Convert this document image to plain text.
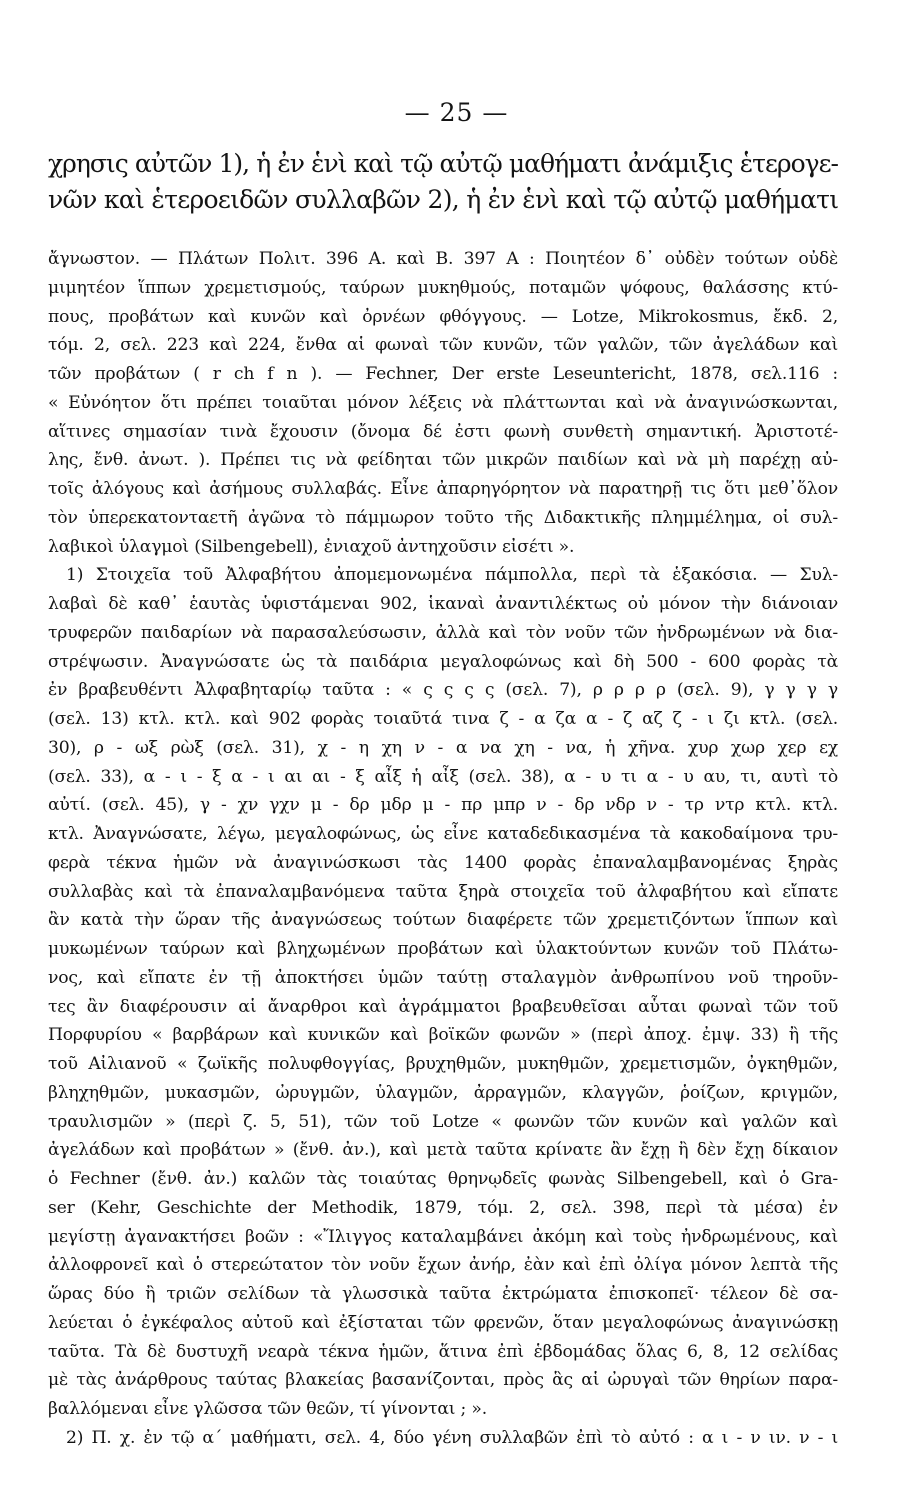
— 25 —
χρησις αὐτῶν 1), ἡ ἐν ἑνὶ καὶ τῷ αὐτῷ μαθήματι ἀνάμιξις ἑτερογε-
νῶν καὶ ἑτεροειδῶν συλλαβῶν 2), ἡ ἐν ἑνὶ καὶ τῷ αὐτῷ μαθήματι
ἄγνωστον. — Πλάτων Πολιτ. 396 Α. καὶ Β. 397 Α : Ποιητέον δ᾽ οὐδὲν τούτων οὐδὲ
μιμητέον ἵππων χρεμετισμούς, ταύρων μυκηθμούς, ποταμῶν ψόφους, θαλάσσης κτύ-
πους, προβάτων καὶ κυνῶν καὶ ὀρνέων φθόγγους. — Lotze, Mikrokosmus, ἔκδ. 2,
τόμ. 2, σελ. 223 καὶ 224, ἔνθα αἱ φωναὶ τῶν κυνῶν, τῶν γαλῶν, τῶν ἀγελάδων καὶ
τῶν προβάτων ( r ch f n ). — Fechner, Der erste Leseuntericht, 1878, σελ.116 :
« Εὐνόητον ὅτι πρέπει τοιαῦται μόνον λέξεις νὰ πλάττωνται καὶ νὰ ἀναγινώσκωνται,
αἵτινες σημασίαν τινὰ ἔχουσιν (ὄνομα δέ ἐστι φωνὴ συνθετὴ σημαντική. Ἀριστοτέ-
λης, ἔνθ. ἀνωτ. ). Πρέπει τις νὰ φείδηται τῶν μικρῶν παιδίων καὶ νὰ μὴ παρέχῃ αὐ-
τοῖς ἀλόγους καὶ ἀσήμους συλλαβάς. Εἶνε ἀπαρηγόρητον νὰ παρατηρῇ τις ὅτι μεθ᾽ὅλον
τὸν ὑπερεκατονταετῆ ἀγῶνα τὸ πάμμωρον τοῦτο τῆς Διδακτικῆς πλημμέλημα, οἱ συλ-
λαβικοὶ ὑλαγμοὶ (Silbengebell), ἐνιαχοῦ ἀντηχοῦσιν εἰσέτι ».
1) Στοιχεῖα τοῦ Ἀλφαβήτου ἀπομεμονωμένα πάμπολλα, περὶ τὰ ἑξακόσια. — Συλ-
λαβαὶ δὲ καθ᾽ ἑαυτὰς ὑφιστάμεναι 902, ἱκαναὶ ἀναντιλέκτως οὐ μόνον τὴν διάνοιαν
τρυφερῶν παιδαρίων νὰ παρασαλεύσωσιν, ἀλλὰ καὶ τὸν νοῦν τῶν ἠνδρωμένων νὰ δια-
στρέψωσιν. Ἀναγνώσατε ὡς τὰ παιδάρια μεγαλοφώνως καὶ δὴ 500 - 600 φορὰς τὰ
ἐν βραβευθέντι Ἀλφαβηταρίῳ ταῦτα : « ς ς ς ς (σελ. 7), ρ ρ ρ ρ (σελ. 9), γ γ γ γ
(σελ. 13) κτλ. κτλ. καὶ 902 φορὰς τοιαῦτά τινα ζ - α ζα α - ζ αζ ζ - ι ζι κτλ. (σελ.
30), ρ - ωξ ρὼξ (σελ. 31), χ - η χη ν - α να χη - να, ἡ χῆνα. χυρ χωρ χερ εχ
(σελ. 33), α - ι - ξ α - ι αι αι - ξ αἶξ ἡ αἶξ (σελ. 38), α - υ τι α - υ αυ, τι, αυτὶ τὸ
αὐτί. (σελ. 45), γ - χν γχν μ - δρ μδρ μ - πρ μπρ ν - δρ νδρ ν - τρ ντρ κτλ. κτλ.
κτλ. Ἀναγνώσατε, λέγω, μεγαλοφώνως, ὡς εἶνε καταδεδικασμένα τὰ κακοδαίμονα τρυ-
φερὰ τέκνα ἡμῶν νὰ ἀναγινώσκωσι τὰς 1400 φορὰς ἐπαναλαμβανομένας ξηρὰς
συλλαβὰς καὶ τὰ ἐπαναλαμβανόμενα ταῦτα ξηρὰ στοιχεῖα τοῦ ἀλφαβήτου καὶ εἴπατε
ἂν κατὰ τὴν ὥραν τῆς ἀναγνώσεως τούτων διαφέρετε τῶν χρεμετιζόντων ἵππων καὶ
μυκωμένων ταύρων καὶ βληχωμένων προβάτων καὶ ὑλακτούντων κυνῶν τοῦ Πλάτω-
νος, καὶ εἴπατε ἐν τῇ ἀποκτήσει ὑμῶν ταύτῃ σταλαγμὸν ἀνθρωπίνου νοῦ τηροῦν-
τες ἂν διαφέρουσιν αἱ ἄναρθροι καὶ ἀγράμματοι βραβευθεῖσαι αὗται φωναὶ τῶν τοῦ
Πορφυρίου « βαρβάρων καὶ κυνικῶν καὶ βοϊκῶν φωνῶν » (περὶ ἀποχ. ἐμψ. 33) ἢ τῆς
τοῦ Αἰλιανοῦ « ζωϊκῆς πολυφθογγίας, βρυχηθμῶν, μυκηθμῶν, χρεμετισμῶν, ὀγκηθμῶν,
βληχηθμῶν, μυκασμῶν, ὠρυγμῶν, ὑλαγμῶν, ἀρραγμῶν, κλαγγῶν, ῥοίζων, κριγμῶν,
τραυλισμῶν » (περὶ ζ. 5, 51), τῶν τοῦ Lotze « φωνῶν τῶν κυνῶν καὶ γαλῶν καὶ
ἀγελάδων καὶ προβάτων » (ἔνθ. ἀν.), καὶ μετὰ ταῦτα κρίνατε ἂν ἔχῃ ἢ δὲν ἔχῃ δίκαιον
ὁ Fechner (ἔνθ. ἀν.) καλῶν τὰς τοιαύτας θρηνῳδεῖς φωνὰς Silbengebell, καὶ ὁ Gra-
ser (Kehr, Geschichte der Methodik, 1879, τόμ. 2, σελ. 398, περὶ τὰ μέσα) ἐν
μεγίστῃ ἀγανακτήσει βοῶν : «Ἴλιγγος καταλαμβάνει ἀκόμη καὶ τοὺς ἠνδρωμένους, καὶ
ἀλλοφρονεῖ καὶ ὁ στερεώτατον τὸν νοῦν ἔχων ἀνήρ, ἐὰν καὶ ἐπὶ ὀλίγα μόνον λεπτὰ τῆς
ὥρας δύο ἢ τριῶν σελίδων τὰ γλωσσικὰ ταῦτα ἐκτρώματα ἐπισκοπεῖ· τέλεον δὲ σα-
λεύεται ὁ ἐγκέφαλος αὐτοῦ καὶ ἐξίσταται τῶν φρενῶν, ὅταν μεγαλοφώνως ἀναγινώσκῃ
ταῦτα. Τὰ δὲ δυστυχῆ νεαρὰ τέκνα ἡμῶν, ἅτινα ἐπὶ ἑβδομάδας ὅλας 6, 8, 12 σελίδας
μὲ τὰς ἀνάρθρους ταύτας βλακείας βασανίζονται, πρὸς ἃς αἱ ὠρυγαὶ τῶν θηρίων παρα-
βαλλόμεναι εἶνε γλῶσσα τῶν θεῶν, τί γίνονται ; ».
2) Π. χ. ἐν τῷ α΄ μαθήματι, σελ. 4, δύο γένη συλλαβῶν ἐπὶ τὸ αὐτό : α ι - ν ιν. ν - ι
